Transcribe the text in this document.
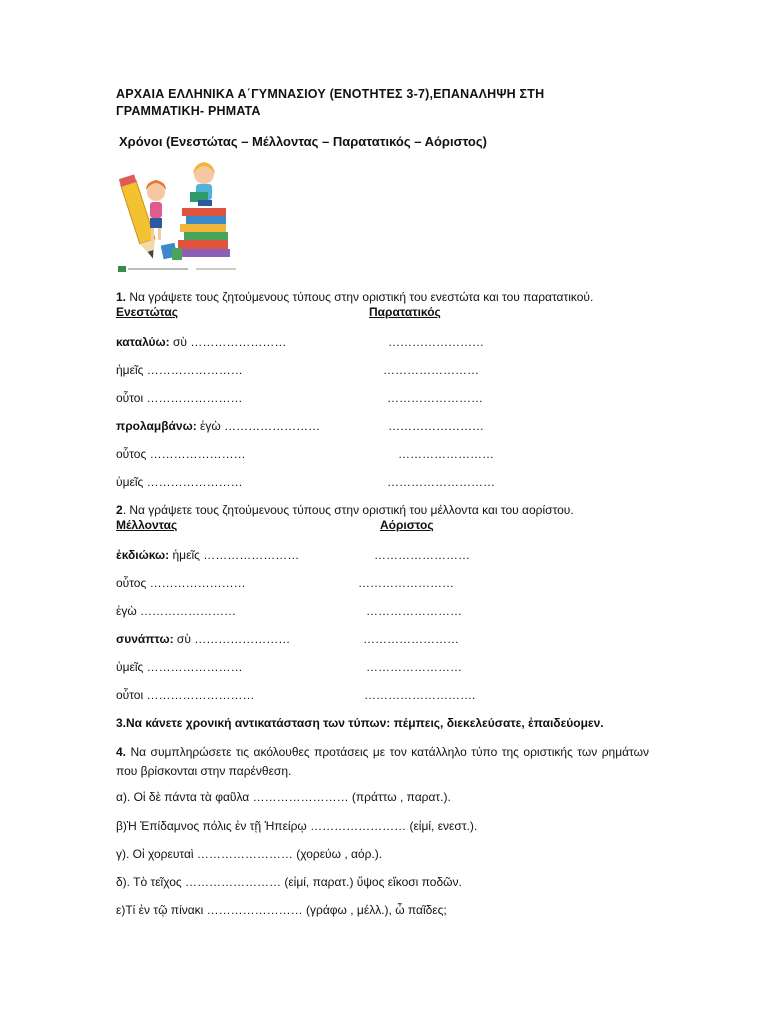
ΑΡΧΑΙΑ ΕΛΛΗΝΙΚΑ Α΄ΓΥΜΝΑΣΙΟΥ (ΕΝΟΤΗΤΕΣ 3-7),ΕΠΑΝΑΛΗΨΗ ΣΤΗ
ΓΡΑΜΜΑΤΙΚΗ- ΡΗΜΑΤΑ
Χρόνοι (Ενεστώτας – Μέλλοντας – Παρατατικός – Αόριστος)
1. Να γράψετε τους ζητούμενους τύπους στην οριστική του ενεστώτα και του παρατατικού.
Ενεστώτας	Παρατατικός
καταλύω: σὺ ……………………	……………………
ἡμεῖς ……………………	……………………
οὗτοι ……………………	……………………
προλαμβάνω: ἐγὼ ……………………	……………………
οὗτος ……………………	……………………
ὑμεῖς ……………………	………………………
2. Να γράψετε τους ζητούμενους τύπους στην οριστική του μέλλοντα και του αορίστου.
Μέλλοντας	Αόριστος
ἐκδιώκω: ἡμεῖς ……………………	……………………
οὗτος ……………………	……………………
ἐγὼ ……………………	……………………
συνάπτω: σὺ ……………………	……………………
ὑμεῖς ……………………	……………………
οὗτοι ………………………	……………………….
3.Να κάνετε χρονική αντικατάσταση των τύπων: πέμπεις, διεκελεύσατε, ἐπαιδεύομεν.
4. Να συμπληρώσετε τις ακόλουθες προτάσεις με τον κατάλληλο τύπο της οριστικής των ρημάτων που βρίσκονται στην παρένθεση.
α). Οἱ δὲ πάντα τὰ φαῦλα …………………… (πράττω , παρατ.).
β)Ἡ Ἐπίδαμνος πόλις ἐν τῇ Ἠπείρῳ …………………… (εἰμί, ενεστ.).
γ). Οἱ χορευταὶ …………………… (χορεύω , αόρ.).
δ). Τὸ τεῖχος …………………… (εἰμί, παρατ.) ὕψος εἴκοσι ποδῶν.
ε)Τί ἐν τῷ πίνακι …………………… (γράφω , μέλλ.), ὦ παῖδες;
